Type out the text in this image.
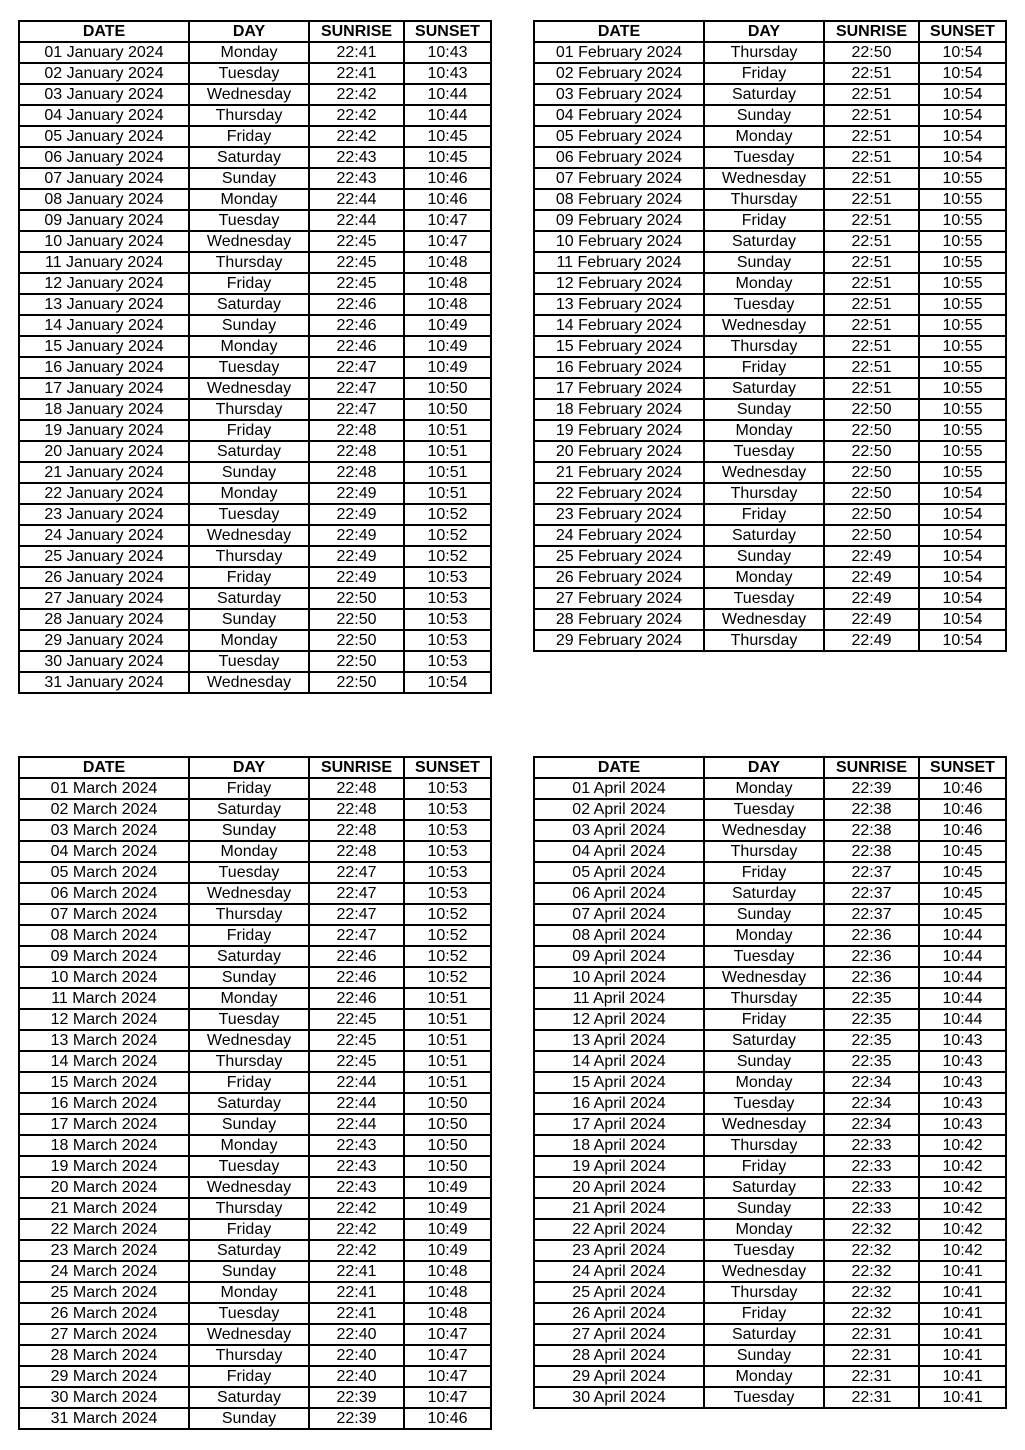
DATE	DAY	SUNRISE	SUNSET
01 January 2024	Monday	22:41	10:43
02 January 2024	Tuesday	22:41	10:43
03 January 2024	Wednesday	22:42	10:44
04 January 2024	Thursday	22:42	10:44
05 January 2024	Friday	22:42	10:45
06 January 2024	Saturday	22:43	10:45
07 January 2024	Sunday	22:43	10:46
08 January 2024	Monday	22:44	10:46
09 January 2024	Tuesday	22:44	10:47
10 January 2024	Wednesday	22:45	10:47
11 January 2024	Thursday	22:45	10:48
12 January 2024	Friday	22:45	10:48
13 January 2024	Saturday	22:46	10:48
14 January 2024	Sunday	22:46	10:49
15 January 2024	Monday	22:46	10:49
16 January 2024	Tuesday	22:47	10:49
17 January 2024	Wednesday	22:47	10:50
18 January 2024	Thursday	22:47	10:50
19 January 2024	Friday	22:48	10:51
20 January 2024	Saturday	22:48	10:51
21 January 2024	Sunday	22:48	10:51
22 January 2024	Monday	22:49	10:51
23 January 2024	Tuesday	22:49	10:52
24 January 2024	Wednesday	22:49	10:52
25 January 2024	Thursday	22:49	10:52
26 January 2024	Friday	22:49	10:53
27 January 2024	Saturday	22:50	10:53
28 January 2024	Sunday	22:50	10:53
29 January 2024	Monday	22:50	10:53
30 January 2024	Tuesday	22:50	10:53
31 January 2024	Wednesday	22:50	10:54
DATE	DAY	SUNRISE	SUNSET
01 February 2024	Thursday	22:50	10:54
02 February 2024	Friday	22:51	10:54
03 February 2024	Saturday	22:51	10:54
04 February 2024	Sunday	22:51	10:54
05 February 2024	Monday	22:51	10:54
06 February 2024	Tuesday	22:51	10:54
07 February 2024	Wednesday	22:51	10:55
08 February 2024	Thursday	22:51	10:55
09 February 2024	Friday	22:51	10:55
10 February 2024	Saturday	22:51	10:55
11 February 2024	Sunday	22:51	10:55
12 February 2024	Monday	22:51	10:55
13 February 2024	Tuesday	22:51	10:55
14 February 2024	Wednesday	22:51	10:55
15 February 2024	Thursday	22:51	10:55
16 February 2024	Friday	22:51	10:55
17 February 2024	Saturday	22:51	10:55
18 February 2024	Sunday	22:50	10:55
19 February 2024	Monday	22:50	10:55
20 February 2024	Tuesday	22:50	10:55
21 February 2024	Wednesday	22:50	10:55
22 February 2024	Thursday	22:50	10:54
23 February 2024	Friday	22:50	10:54
24 February 2024	Saturday	22:50	10:54
25 February 2024	Sunday	22:49	10:54
26 February 2024	Monday	22:49	10:54
27 February 2024	Tuesday	22:49	10:54
28 February 2024	Wednesday	22:49	10:54
29 February 2024	Thursday	22:49	10:54
DATE	DAY	SUNRISE	SUNSET
01 March 2024	Friday	22:48	10:53
02 March 2024	Saturday	22:48	10:53
03 March 2024	Sunday	22:48	10:53
04 March 2024	Monday	22:48	10:53
05 March 2024	Tuesday	22:47	10:53
06 March 2024	Wednesday	22:47	10:53
07 March 2024	Thursday	22:47	10:52
08 March 2024	Friday	22:47	10:52
09 March 2024	Saturday	22:46	10:52
10 March 2024	Sunday	22:46	10:52
11 March 2024	Monday	22:46	10:51
12 March 2024	Tuesday	22:45	10:51
13 March 2024	Wednesday	22:45	10:51
14 March 2024	Thursday	22:45	10:51
15 March 2024	Friday	22:44	10:51
16 March 2024	Saturday	22:44	10:50
17 March 2024	Sunday	22:44	10:50
18 March 2024	Monday	22:43	10:50
19 March 2024	Tuesday	22:43	10:50
20 March 2024	Wednesday	22:43	10:49
21 March 2024	Thursday	22:42	10:49
22 March 2024	Friday	22:42	10:49
23 March 2024	Saturday	22:42	10:49
24 March 2024	Sunday	22:41	10:48
25 March 2024	Monday	22:41	10:48
26 March 2024	Tuesday	22:41	10:48
27 March 2024	Wednesday	22:40	10:47
28 March 2024	Thursday	22:40	10:47
29 March 2024	Friday	22:40	10:47
30 March 2024	Saturday	22:39	10:47
31 March 2024	Sunday	22:39	10:46
DATE	DAY	SUNRISE	SUNSET
01 April 2024	Monday	22:39	10:46
02 April 2024	Tuesday	22:38	10:46
03 April 2024	Wednesday	22:38	10:46
04 April 2024	Thursday	22:38	10:45
05 April 2024	Friday	22:37	10:45
06 April 2024	Saturday	22:37	10:45
07 April 2024	Sunday	22:37	10:45
08 April 2024	Monday	22:36	10:44
09 April 2024	Tuesday	22:36	10:44
10 April 2024	Wednesday	22:36	10:44
11 April 2024	Thursday	22:35	10:44
12 April 2024	Friday	22:35	10:44
13 April 2024	Saturday	22:35	10:43
14 April 2024	Sunday	22:35	10:43
15 April 2024	Monday	22:34	10:43
16 April 2024	Tuesday	22:34	10:43
17 April 2024	Wednesday	22:34	10:43
18 April 2024	Thursday	22:33	10:42
19 April 2024	Friday	22:33	10:42
20 April 2024	Saturday	22:33	10:42
21 April 2024	Sunday	22:33	10:42
22 April 2024	Monday	22:32	10:42
23 April 2024	Tuesday	22:32	10:42
24 April 2024	Wednesday	22:32	10:41
25 April 2024	Thursday	22:32	10:41
26 April 2024	Friday	22:32	10:41
27 April 2024	Saturday	22:31	10:41
28 April 2024	Sunday	22:31	10:41
29 April 2024	Monday	22:31	10:41
30 April 2024	Tuesday	22:31	10:41
